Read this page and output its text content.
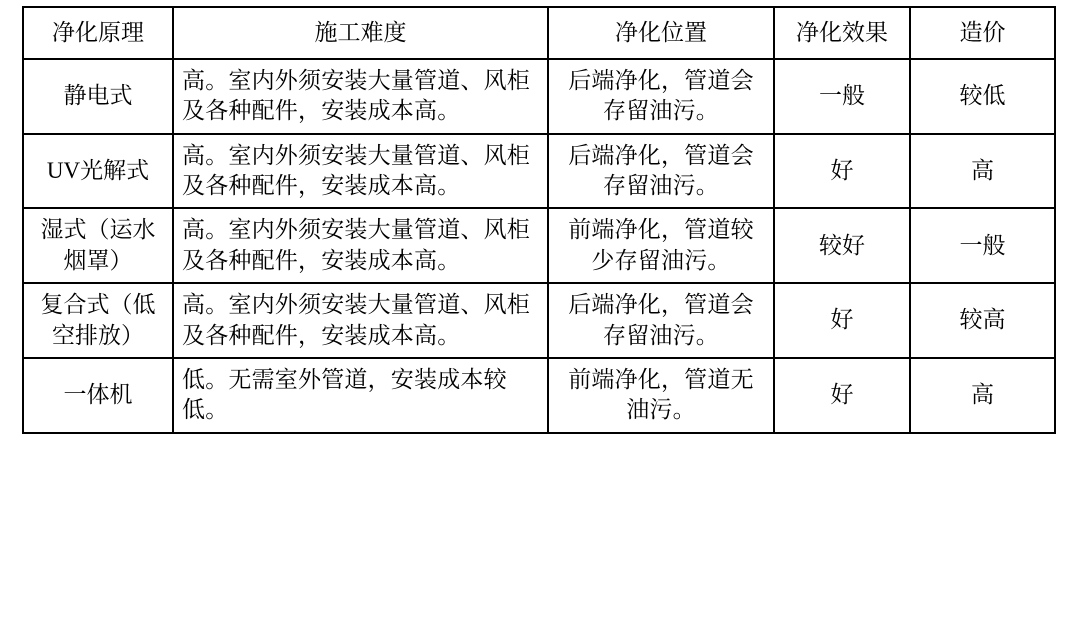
净化原理	施工难度	净化位置	净化效果	造价
静电式	高。室内外须安装大量管道、风柜及各种配件，安装成本高。	后端净化，管道会存留油污。	一般	较低
UV光解式	高。室内外须安装大量管道、风柜及各种配件，安装成本高。	后端净化，管道会存留油污。	好	高
湿式（运水烟罩）	高。室内外须安装大量管道、风柜及各种配件，安装成本高。	前端净化，管道较少存留油污。	较好	一般
复合式（低空排放）	高。室内外须安装大量管道、风柜及各种配件，安装成本高。	后端净化，管道会存留油污。	好	较高
一体机	低。无需室外管道，安装成本较低。	前端净化，管道无油污。	好	高
